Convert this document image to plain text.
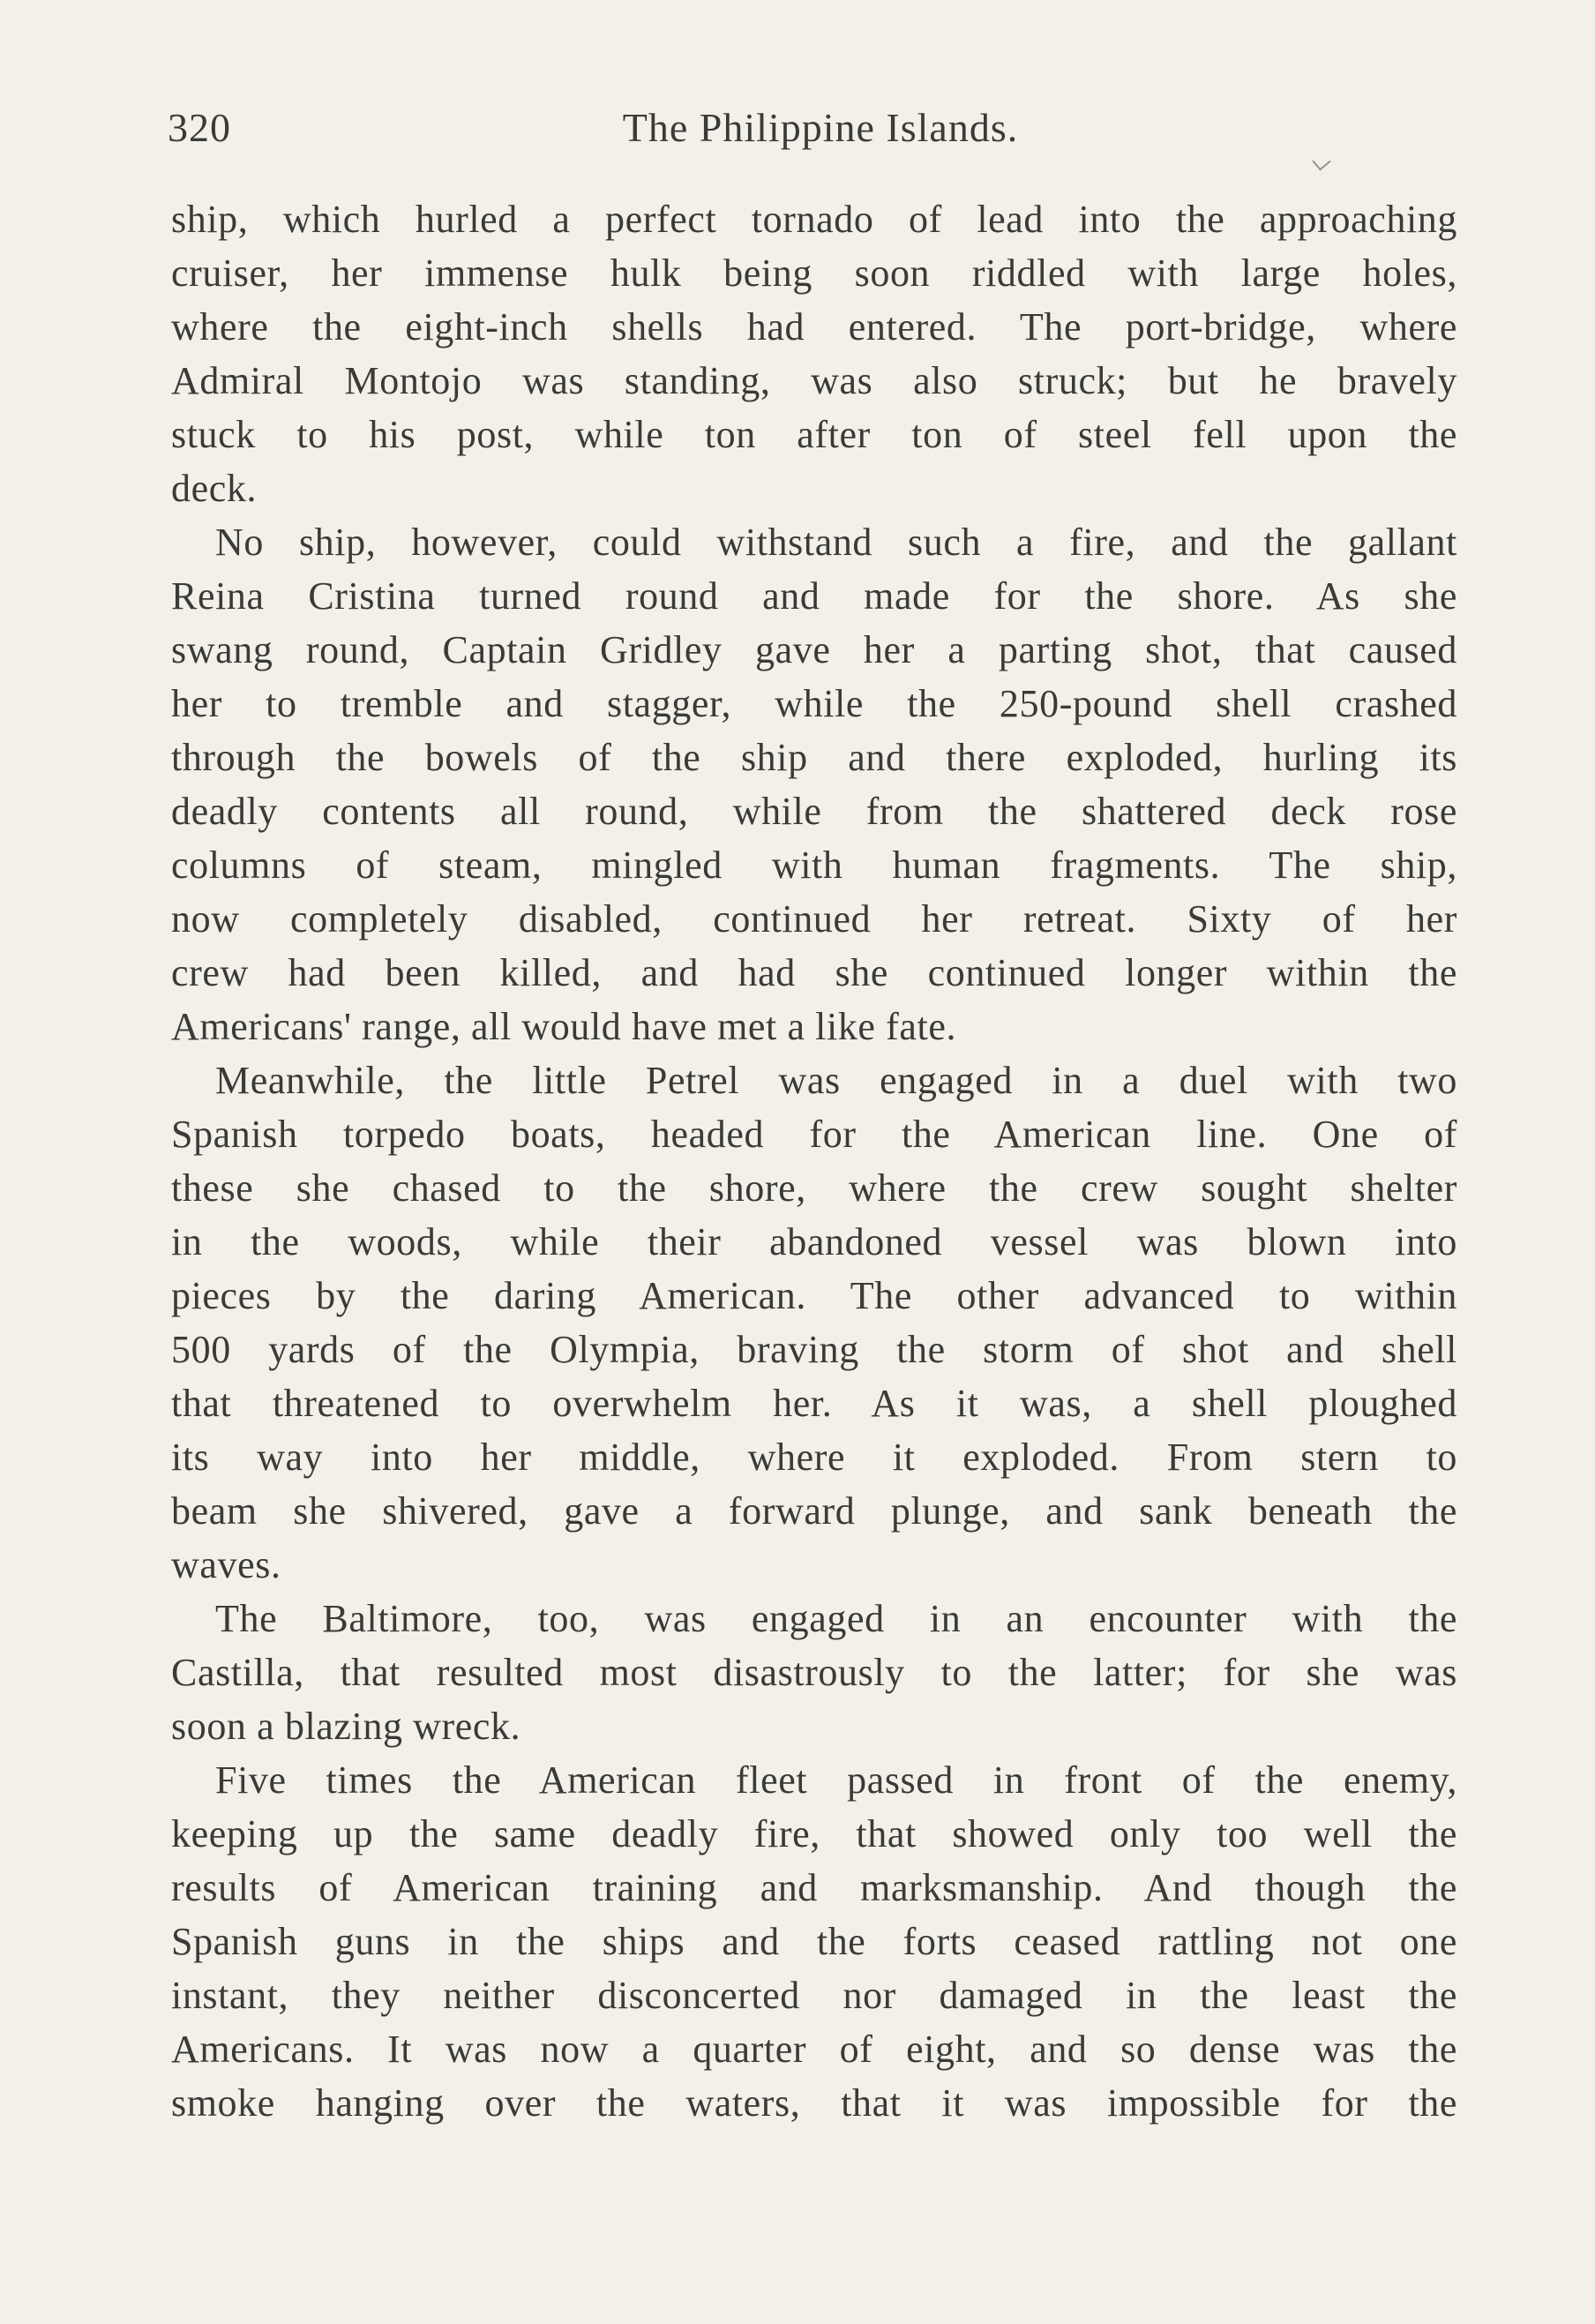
320	The Philippine Islands.
ship, which hurled a perfect tornado of lead into the approaching
cruiser, her immense hulk being soon riddled with large holes,
where the eight-inch shells had entered. The port-bridge, where
Admiral Montojo was standing, was also struck; but he bravely
stuck to his post, while ton after ton of steel fell upon the
deck.
No ship, however, could withstand such a fire, and the gallant
Reina Cristina turned round and made for the shore. As she
swang round, Captain Gridley gave her a parting shot, that caused
her to tremble and stagger, while the 250-pound shell crashed
through the bowels of the ship and there exploded, hurling its
deadly contents all round, while from the shattered deck rose
columns of steam, mingled with human fragments. The ship,
now completely disabled, continued her retreat. Sixty of her
crew had been killed, and had she continued longer within the
Americans' range, all would have met a like fate.
Meanwhile, the little Petrel was engaged in a duel with two
Spanish torpedo boats, headed for the American line. One of
these she chased to the shore, where the crew sought shelter
in the woods, while their abandoned vessel was blown into
pieces by the daring American. The other advanced to within
500 yards of the Olympia, braving the storm of shot and shell
that threatened to overwhelm her. As it was, a shell ploughed
its way into her middle, where it exploded. From stern to
beam she shivered, gave a forward plunge, and sank beneath the
waves.
The Baltimore, too, was engaged in an encounter with the
Castilla, that resulted most disastrously to the latter; for she was
soon a blazing wreck.
Five times the American fleet passed in front of the enemy,
keeping up the same deadly fire, that showed only too well the
results of American training and marksmanship. And though the
Spanish guns in the ships and the forts ceased rattling not one
instant, they neither disconcerted nor damaged in the least the
Americans. It was now a quarter of eight, and so dense was the
smoke hanging over the waters, that it was impossible for the
